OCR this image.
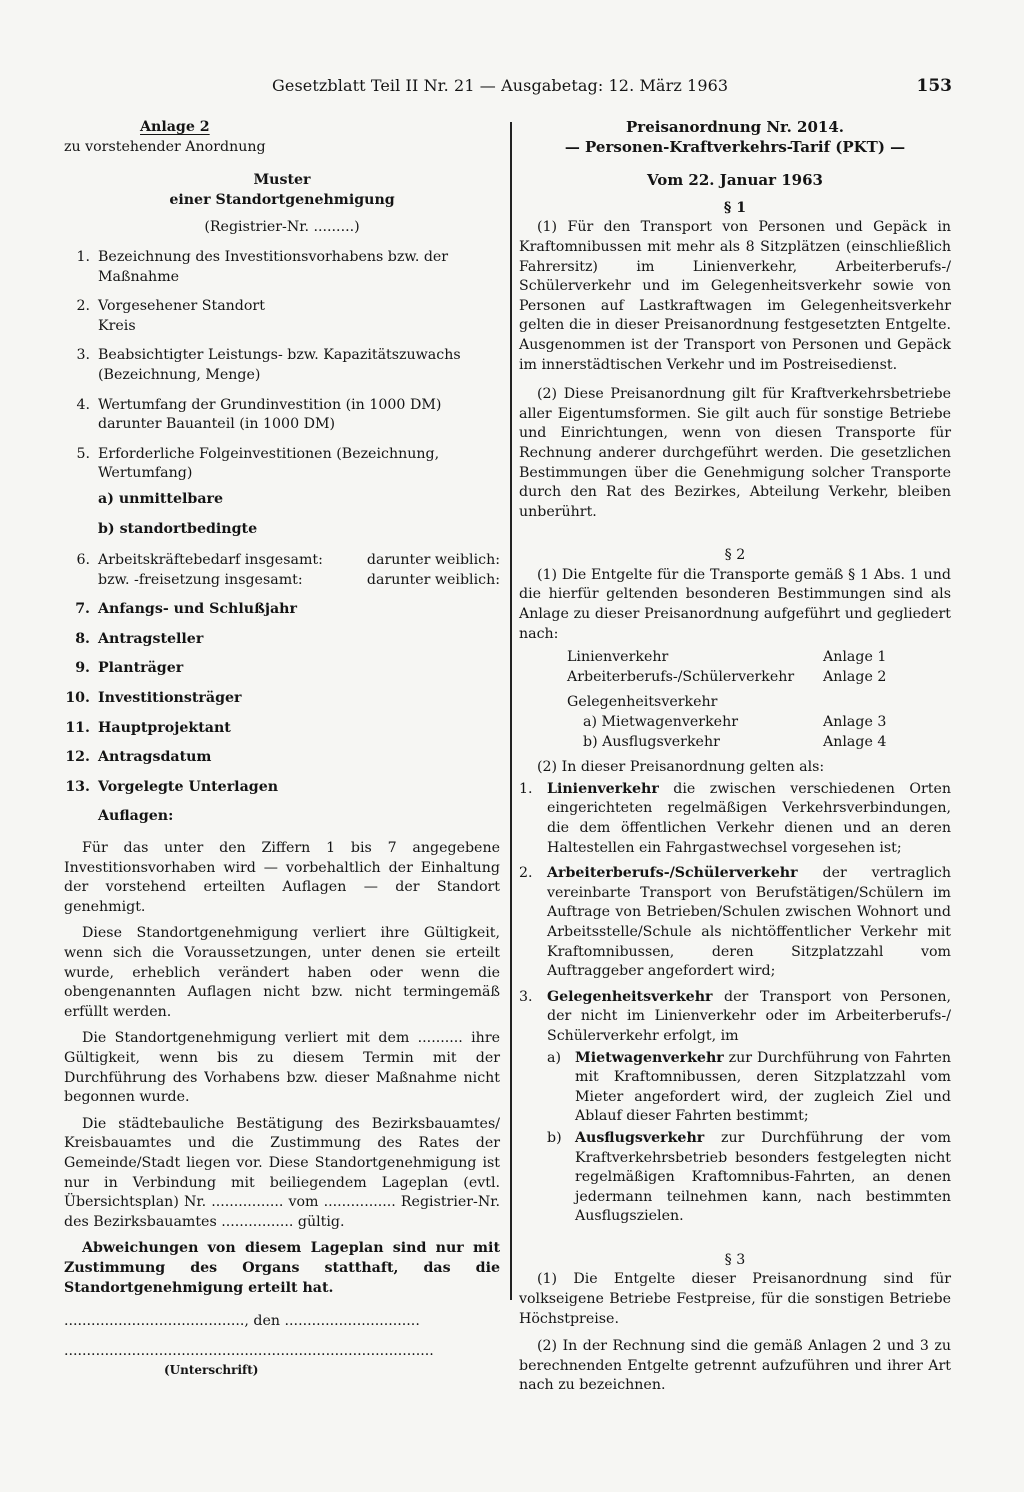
Gesetzblatt Teil II Nr. 21 — Ausgabetag: 12. März 1963	153

Anlage 2

zu vorstehender Anordnung

Muster

einer Standortgenehmigung

(Registrier-Nr. .........)

1. Bezeichnung des Investitionsvorhabens bzw. der
Maßnahme
2. Vorgesehener Standort
Kreis
3. Beabsichtigter Leistungs- bzw. Kapazitätszuwachs
(Bezeichnung, Menge)
4. Wertumfang der Grundinvestition (in 1000 DM)
darunter Bauanteil (in 1000 DM)
5. Erforderliche Folgeinvestitionen (Bezeichnung,
Wertumfang)

a) unmittelbare

b) standortbedingte

6. Arbeitskräftebedarf insgesamt:	darunter weiblich:
bzw. -freisetzung insgesamt:	darunter weiblich:
7. Anfangs- und Schlußjahr
8. Antragsteller
9. Planträger
10. Investitionsträger
11. Hauptprojektant
12. Antragsdatum
13. Vorgelegte Unterlagen

Auflagen:

Für das unter den Ziffern 1 bis 7 angegebene Investitionsvorhaben wird — vorbehaltlich der Einhaltung der vorstehend erteilten Auflagen — der Standort genehmigt.

Diese Standortgenehmigung verliert ihre Gültigkeit, wenn sich die Voraussetzungen, unter denen sie erteilt wurde, erheblich verändert haben oder wenn die obengenannten Auflagen nicht bzw. nicht termingemäß erfüllt werden.

Die Standortgenehmigung verliert mit dem .......... ihre Gültigkeit, wenn bis zu diesem Termin mit der Durchführung des Vorhabens bzw. dieser Maßnahme nicht begonnen wurde.

Die städtebauliche Bestätigung des Bezirksbauamtes/ Kreisbauamtes und die Zustimmung des Rates der Gemeinde/Stadt liegen vor. Diese Standortgenehmigung ist nur in Verbindung mit beiliegendem Lageplan (evtl. Übersichtsplan) Nr. ................ vom ................ Registrier-Nr. des Bezirksbauamtes ................ gültig.

Abweichungen von diesem Lageplan sind nur mit Zustimmung des Organs statthaft, das die Standortgenehmigung erteilt hat.

........................................, den ..............................

..................................................................................

(Unterschrift)

Preisanordnung Nr. 2014.

— Personen-Kraftverkehrs-Tarif (PKT) —

Vom 22. Januar 1963

§ 1

(1) Für den Transport von Personen und Gepäck in Kraftomnibussen mit mehr als 8 Sitzplätzen (einschließlich Fahrersitz) im Linienverkehr, Arbeiterberufs-/ Schülerverkehr und im Gelegenheitsverkehr sowie von Personen auf Lastkraftwagen im Gelegenheitsverkehr gelten die in dieser Preisanordnung festgesetzten Entgelte. Ausgenommen ist der Transport von Personen und Gepäck im innerstädtischen Verkehr und im Postreisedienst.

(2) Diese Preisanordnung gilt für Kraftverkehrsbetriebe aller Eigentumsformen. Sie gilt auch für sonstige Betriebe und Einrichtungen, wenn von diesen Transporte für Rechnung anderer durchgeführt werden. Die gesetzlichen Bestimmungen über die Genehmigung solcher Transporte durch den Rat des Bezirkes, Abteilung Verkehr, bleiben unberührt.

§ 2

(1) Die Entgelte für die Transporte gemäß § 1 Abs. 1 und die hierfür geltenden besonderen Bestimmungen sind als Anlage zu dieser Preisanordnung aufgeführt und gegliedert nach:

Linienverkehr	Anlage 1
Arbeiterberufs-/Schülerverkehr	Anlage 2

Gelegenheitsverkehr

a) Mietwagenverkehr	Anlage 3
b) Ausflugsverkehr	Anlage 4

(2) In dieser Preisanordnung gelten als:

1.	Linienverkehr die zwischen verschiedenen Orten eingerichteten regelmäßigen Verkehrsverbindungen, die dem öffentlichen Verkehr dienen und an deren Haltestellen ein Fahrgastwechsel vorgesehen ist;
2.	Arbeiterberufs-/Schülerverkehr der vertraglich vereinbarte Transport von Berufstätigen/Schülern im Auftrage von Betrieben/Schulen zwischen Wohnort und Arbeitsstelle/Schule als nichtöffentlicher Verkehr mit Kraftomnibussen, deren Sitzplatzzahl vom Auftraggeber angefordert wird;
3.	Gelegenheitsverkehr der Transport von Personen, der nicht im Linienverkehr oder im Arbeiterberufs-/ Schülerverkehr erfolgt, im
a) Mietwagenverkehr zur Durchführung von Fahrten mit Kraftomnibussen, deren Sitzplatzzahl vom Mieter angefordert wird, der zugleich Ziel und Ablauf dieser Fahrten bestimmt;
b) Ausflugsverkehr zur Durchführung der vom Kraftverkehrsbetrieb besonders festgelegten nicht regelmäßigen Kraftomnibus-Fahrten, an denen jedermann teilnehmen kann, nach bestimmten Ausflugszielen.

§ 3

(1) Die Entgelte dieser Preisanordnung sind für volkseigene Betriebe Festpreise, für die sonstigen Betriebe Höchstpreise.

(2) In der Rechnung sind die gemäß Anlagen 2 und 3 zu berechnenden Entgelte getrennt aufzuführen und ihrer Art nach zu bezeichnen.
